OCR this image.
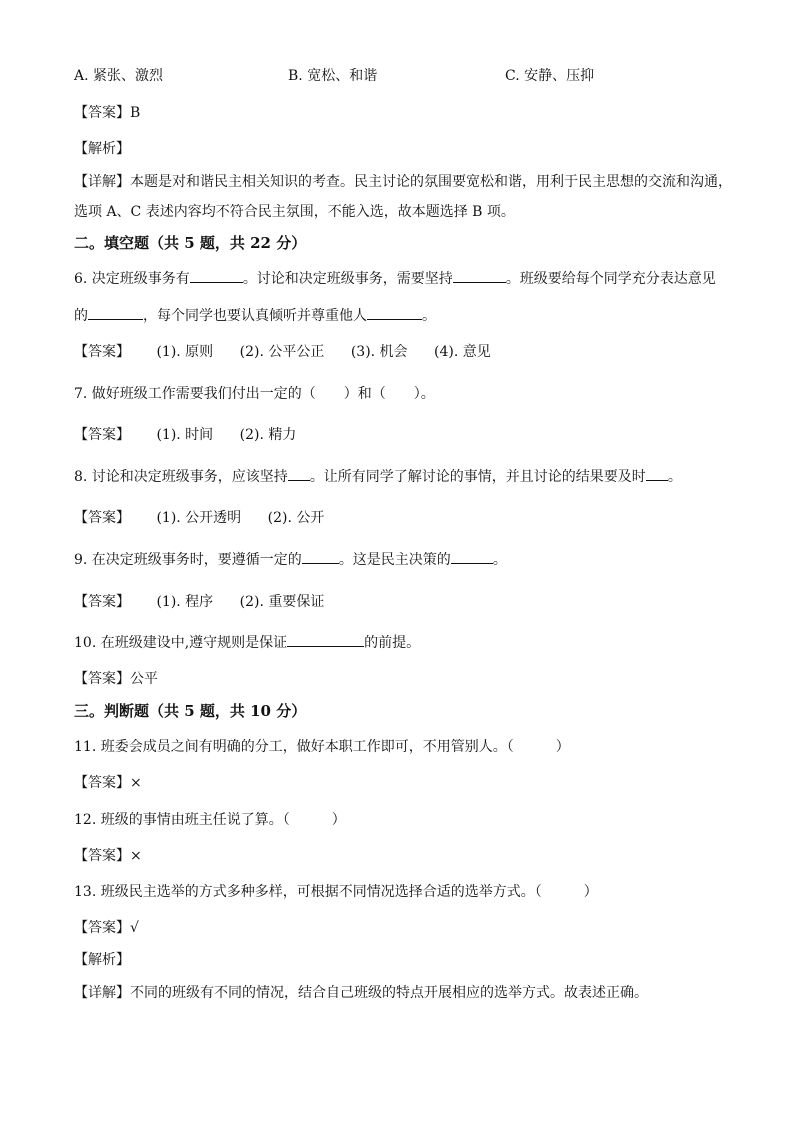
A. 紧张、激烈	B. 宽松、和谐	C. 安静、压抑
【答案】B
【解析】
【详解】本题是对和谐民主相关知识的考查。民主讨论的氛围要宽松和谐，用利于民主思想的交流和沟通，
选项 A、C 表述内容均不符合民主氛围，不能入选，故本题选择 B 项。
二。填空题（共 5 题，共 22 分）
6. 决定班级事务有	。讨论和决定班级事务，需要坚持	。班级要给每个同学充分表达意见
的	，每个同学也要认真倾听并尊重他人	。
【答案】 (1). 原则 (2). 公平公正 (3). 机会 (4). 意见
7. 做好班级工作需要我们付出一定的（　　）和（　　）。
【答案】 (1). 时间 (2). 精力
8. 讨论和决定班级事务，应该坚持 。让所有同学了解讨论的事情，并且讨论的结果要及时 。
【答案】 (1). 公开透明 (2). 公开
9. 在决定班级事务时，要遵循一定的	。这是民主决策的	。
【答案】 (1). 程序 (2). 重要保证
10. 在班级建设中,遵守规则是保证	的前提。
【答案】公平
三。判断题（共 5 题，共 10 分）
11. 班委会成员之间有明确的分工，做好本职工作即可，不用管别人。（　　　）
【答案】×
12. 班级的事情由班主任说了算。（　　　）
【答案】×
13. 班级民主选举的方式多种多样，可根据不同情况选择合适的选举方式。（　　　）
【答案】√
【解析】
【详解】不同的班级有不同的情况，结合自己班级的特点开展相应的选举方式。故表述正确。
